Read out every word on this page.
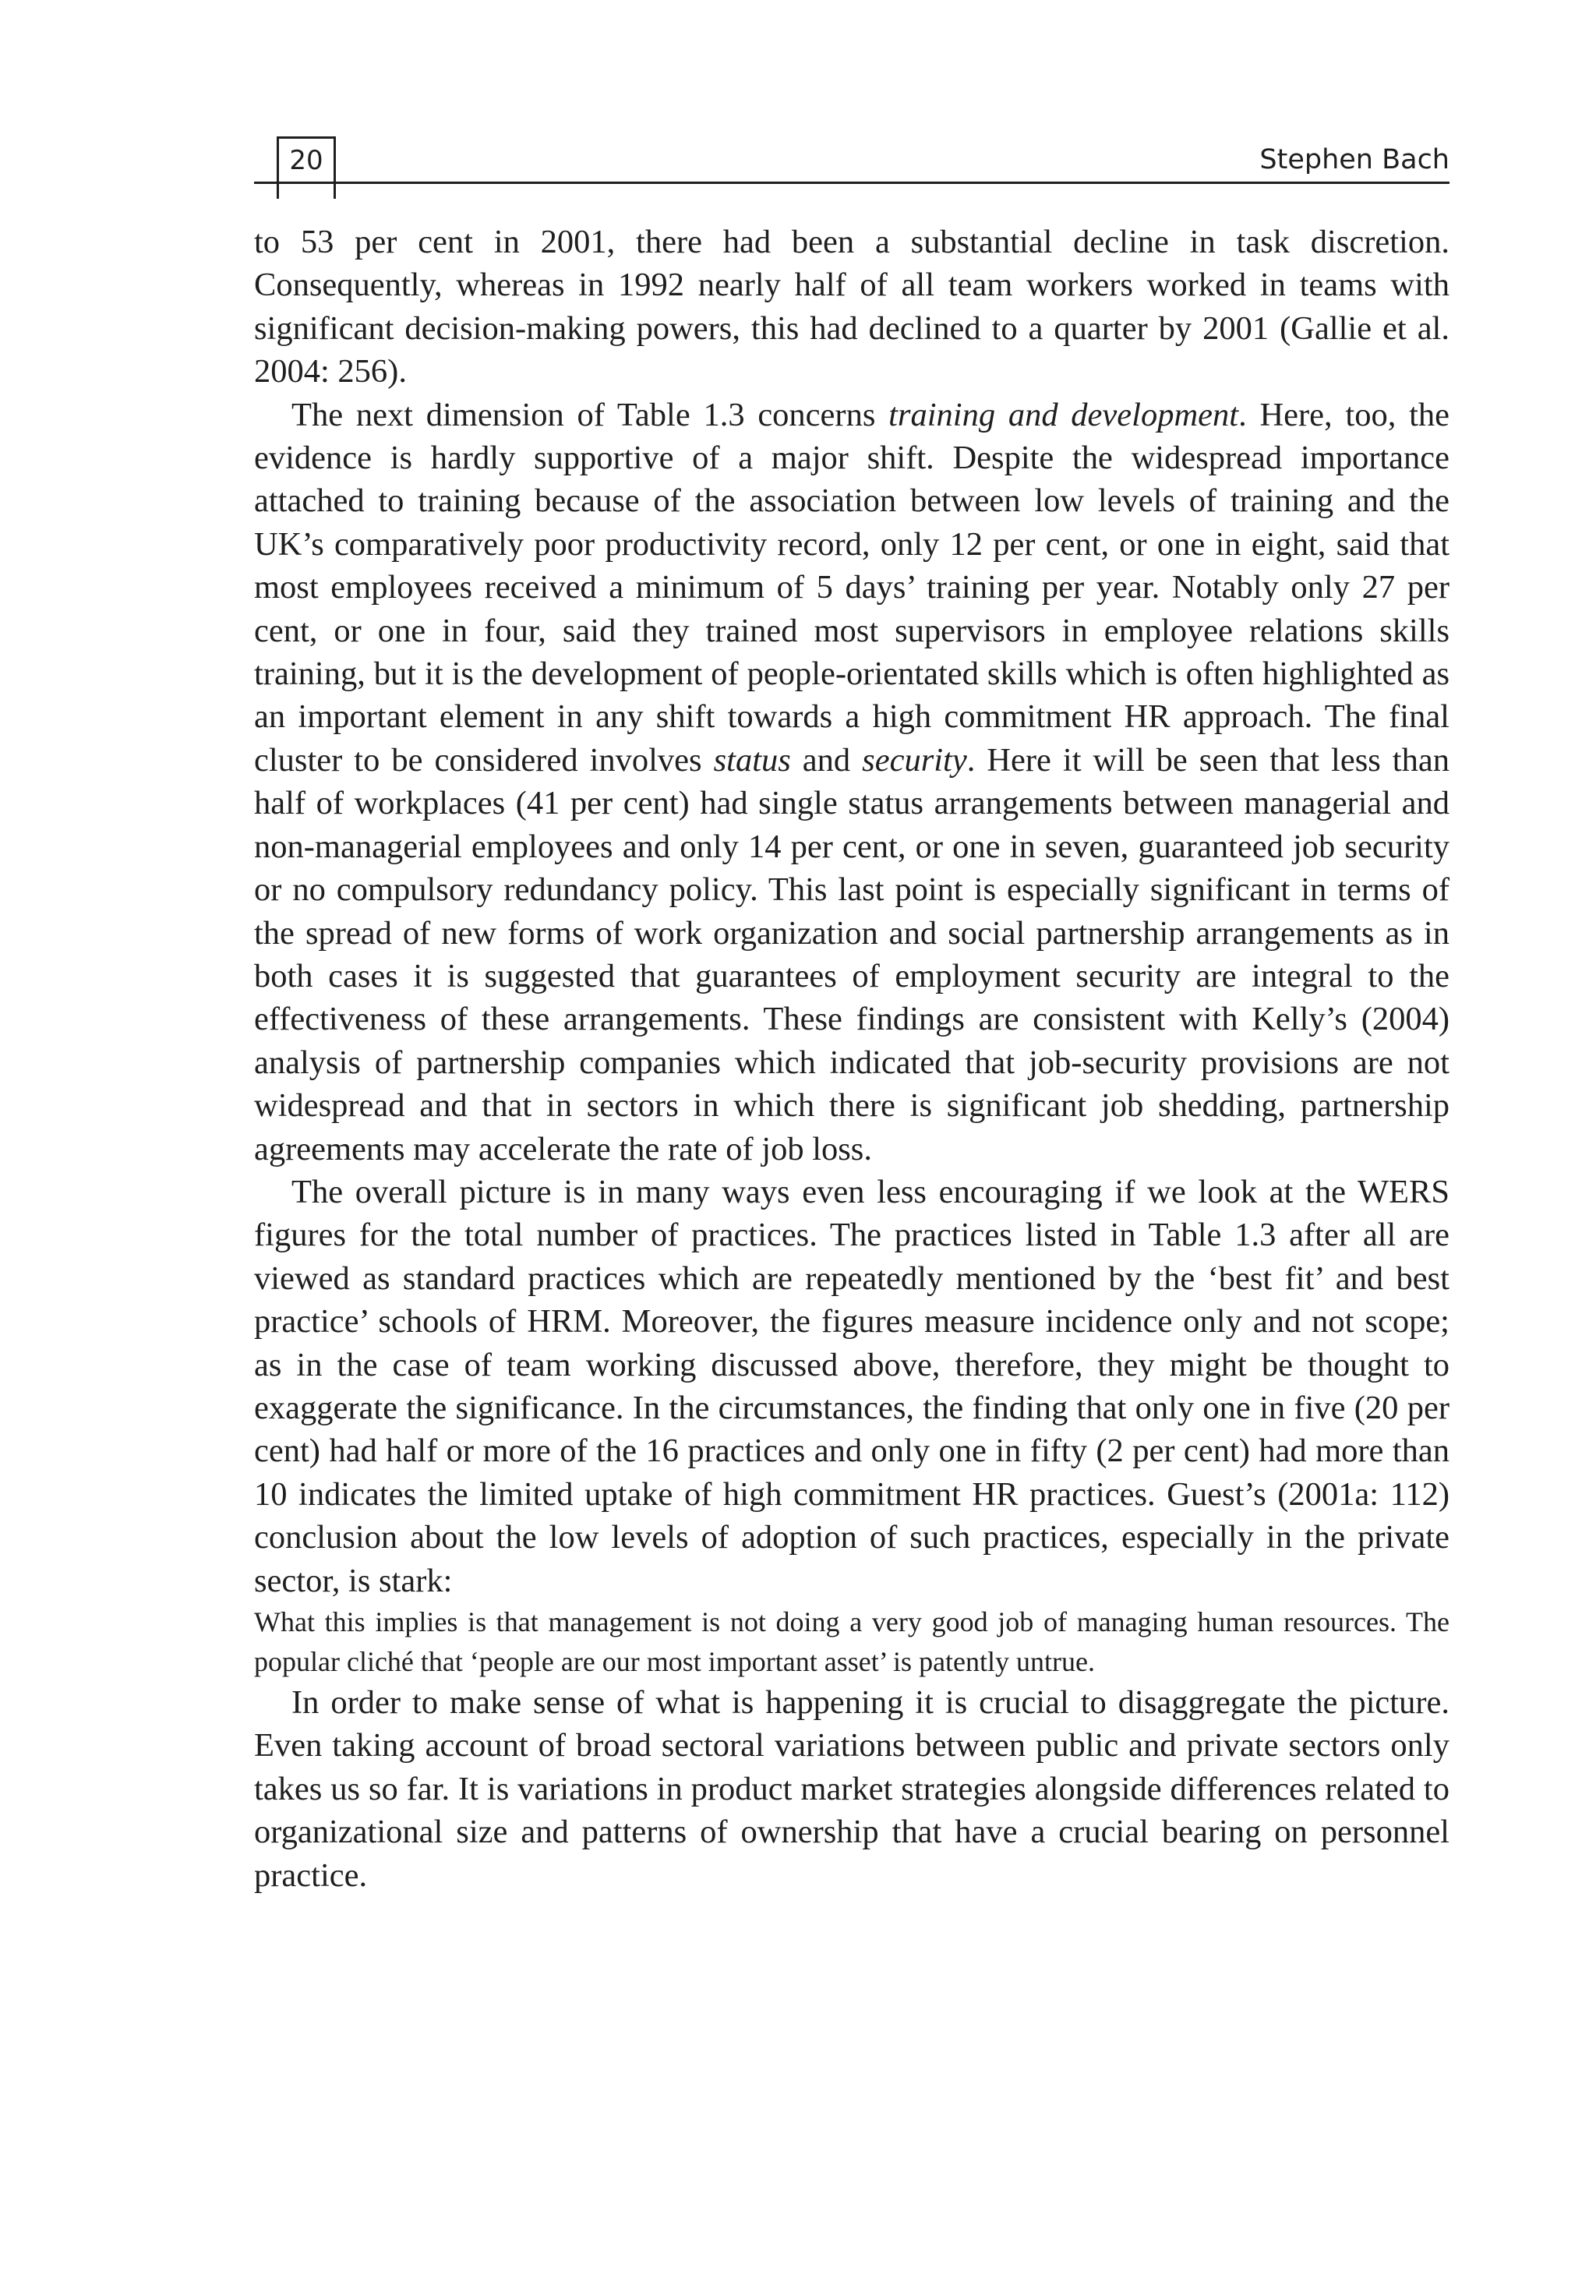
20	Stephen Bach

to 53 per cent in 2001, there had been a substantial decline in task discretion. Consequently, whereas in 1992 nearly half of all team workers worked in teams with significant decision-making powers, this had declined to a quarter by 2001 (Gallie et al. 2004: 256).

The next dimension of Table 1.3 concerns training and development. Here, too, the evidence is hardly supportive of a major shift. Despite the widespread importance attached to training because of the association between low levels of training and the UK’s comparatively poor productivity record, only 12 per cent, or one in eight, said that most employees received a minimum of 5 days’ training per year. Notably only 27 per cent, or one in four, said they trained most supervisors in employee relations skills training, but it is the development of people-orientated skills which is often highlighted as an important element in any shift towards a high commitment HR approach. The final cluster to be considered involves status and security. Here it will be seen that less than half of workplaces (41 per cent) had single status arrangements between managerial and non-managerial employees and only 14 per cent, or one in seven, guaranteed job security or no compulsory redundancy policy. This last point is especially significant in terms of the spread of new forms of work organization and social partnership arrangements as in both cases it is suggested that guarantees of employment security are integral to the effectiveness of these arrangements. These findings are consistent with Kelly’s (2004) analysis of partnership companies which indicated that job-security provisions are not widespread and that in sectors in which there is significant job shedding, partnership agreements may accelerate the rate of job loss.

The overall picture is in many ways even less encouraging if we look at the WERS figures for the total number of practices. The practices listed in Table 1.3 after all are viewed as standard practices which are repeatedly mentioned by the ‘best fit’ and best practice’ schools of HRM. Moreover, the figures measure incidence only and not scope; as in the case of team working discussed above, therefore, they might be thought to exaggerate the significance. In the circumstances, the finding that only one in five (20 per cent) had half or more of the 16 practices and only one in fifty (2 per cent) had more than 10 indicates the limited uptake of high commitment HR practices. Guest’s (2001a: 112) conclusion about the low levels of adoption of such practices, especially in the private sector, is stark:

What this implies is that management is not doing a very good job of managing human resources. The popular cliché that ‘people are our most important asset’ is patently untrue.

In order to make sense of what is happening it is crucial to disaggregate the picture. Even taking account of broad sectoral variations between public and private sectors only takes us so far. It is variations in product market strategies alongside differences related to organizational size and patterns of ownership that have a crucial bearing on personnel practice.
